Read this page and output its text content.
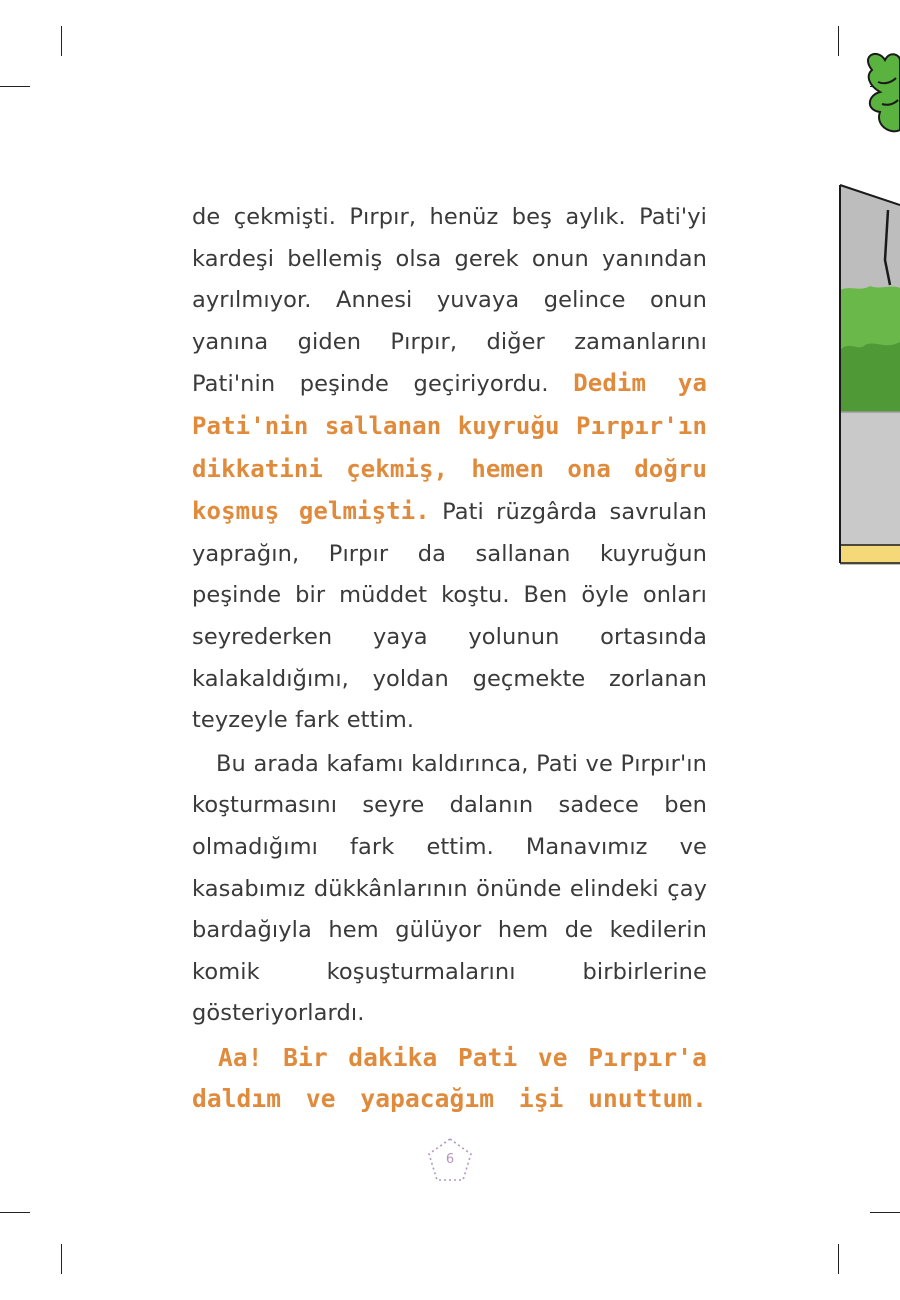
de çekmişti. Pırpır, henüz beş aylık. Pati'yi kardeşi bellemiş olsa gerek onun yanından ayrılmıyor. Annesi yuvaya gelince onun yanına giden Pırpır, diğer zamanlarını Pati'nin peşinde geçiriyordu. Dedim ya Pati'nin sallanan kuyruğu Pırpır'ın dikkatini çekmiş, hemen ona doğru koşmuş gelmişti. Pati rüzgârda savrulan yaprağın, Pırpır da sallanan kuyruğun peşinde bir müddet koştu. Ben öyle onları seyrederken yaya yolunun ortasında kalakaldığımı, yoldan geçmekte zorlanan teyzeyle fark ettim.

Bu arada kafamı kaldırınca, Pati ve Pırpır'ın koşturmasını seyre dalanın sadece ben olmadığımı fark ettim. Manavımız ve kasabımız dükkânlarının önünde elindeki çay bardağıyla hem gülüyor hem de kedilerin komik koşuşturmalarını birbirlerine gösteriyorlardı.

Aa! Bir dakika Pati ve Pırpır'a daldım ve yapacağım işi unuttum.

6
